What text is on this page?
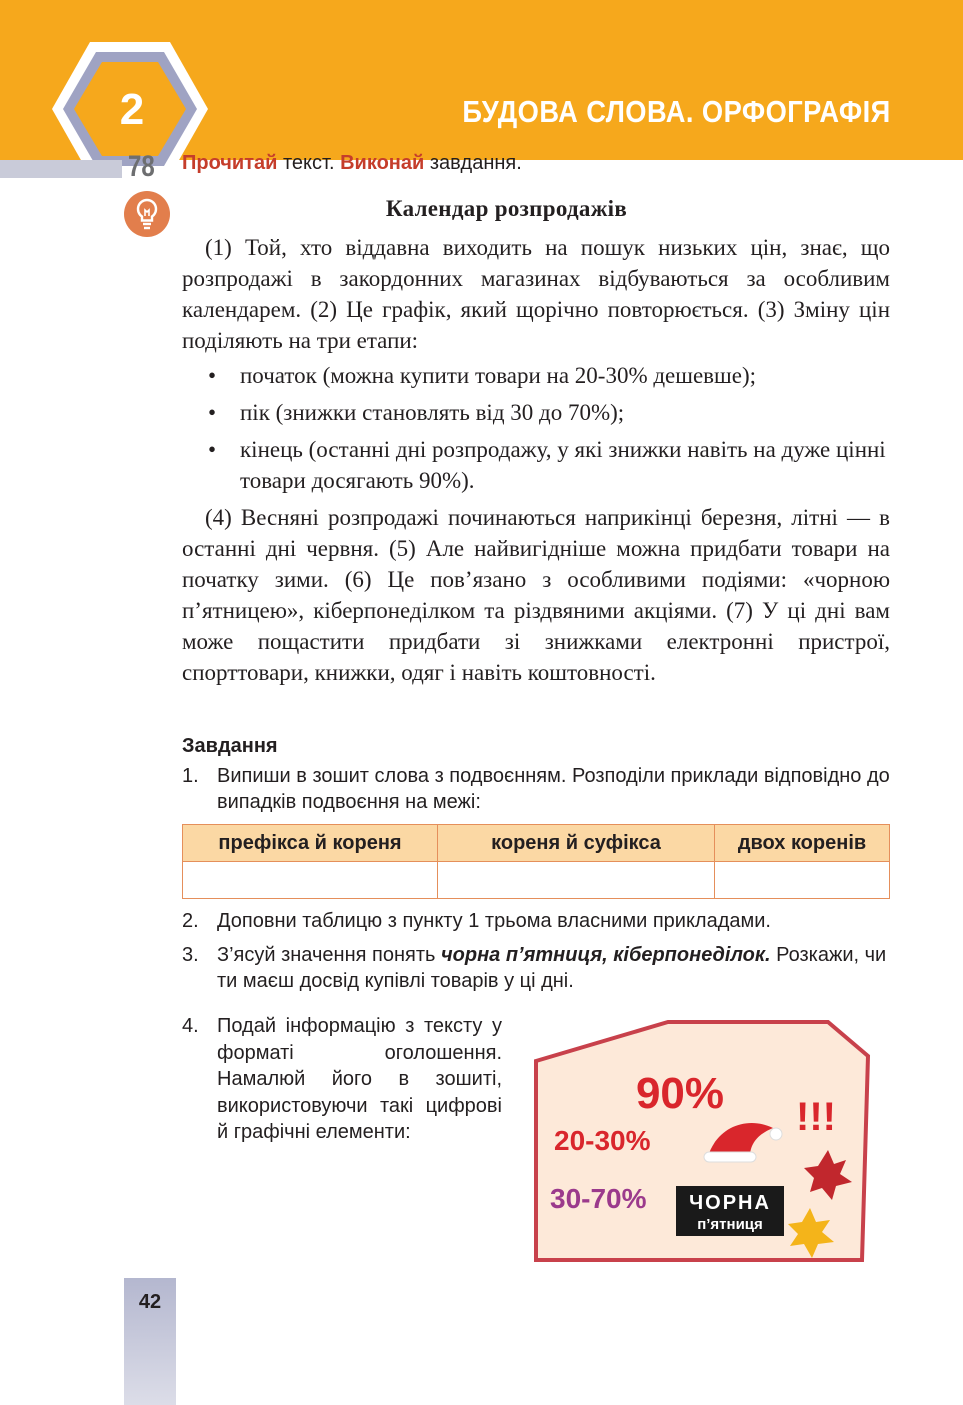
2	БУДОВА СЛОВА. ОРФОГРАФІЯ
78 Прочитай текст. Виконай завдання.
Календар розпродажів
(1) Той, хто віддавна виходить на пошук низьких цін, знає, що розпродажі в закордонних магазинах відбуваються за особливим календарем. (2) Це графік, який щорічно повторюється. (3) Зміну цін поділяють на три етапи:
• початок (можна купити товари на 20-30% дешевше);
• пік (знижки становлять від 30 до 70%);
• кінець (останні дні розпродажу, у які знижки навіть на дуже цінні товари досягають 90%).
(4) Весняні розпродажі починаються наприкінці березня, літні — в останні дні червня. (5) Але найвигідніше можна придбати товари на початку зими. (6) Це пов’язано з особливими подіями: «чорною п’ятницею», кіберпонеділком та різдвяними акціями. (7) У ці дні вам може пощастити придбати зі знижками електронні пристрої, спорттовари, книжки, одяг і навіть коштовності.
Завдання
1. Випиши в зошит слова з подвоєнням. Розподіли приклади відповідно до випадків подвоєння на межі:
префікса й кореня	кореня й суфікса	двох коренів

2. Доповни таблицю з пункту 1 трьома власними прикладами.
3. З’ясуй значення понять чорна п’ятниця, кіберпонеділок. Розкажи, чи ти маєш досвід купівлі товарів у ці дні.
4. Подай інформацію з тексту у форматі оголошення. Намалюй його в зошиті, використовуючи такі цифрові й графічні елементи:
90% !!!
20-30%
30-70% ЧОРНА
п’ятниця
42
